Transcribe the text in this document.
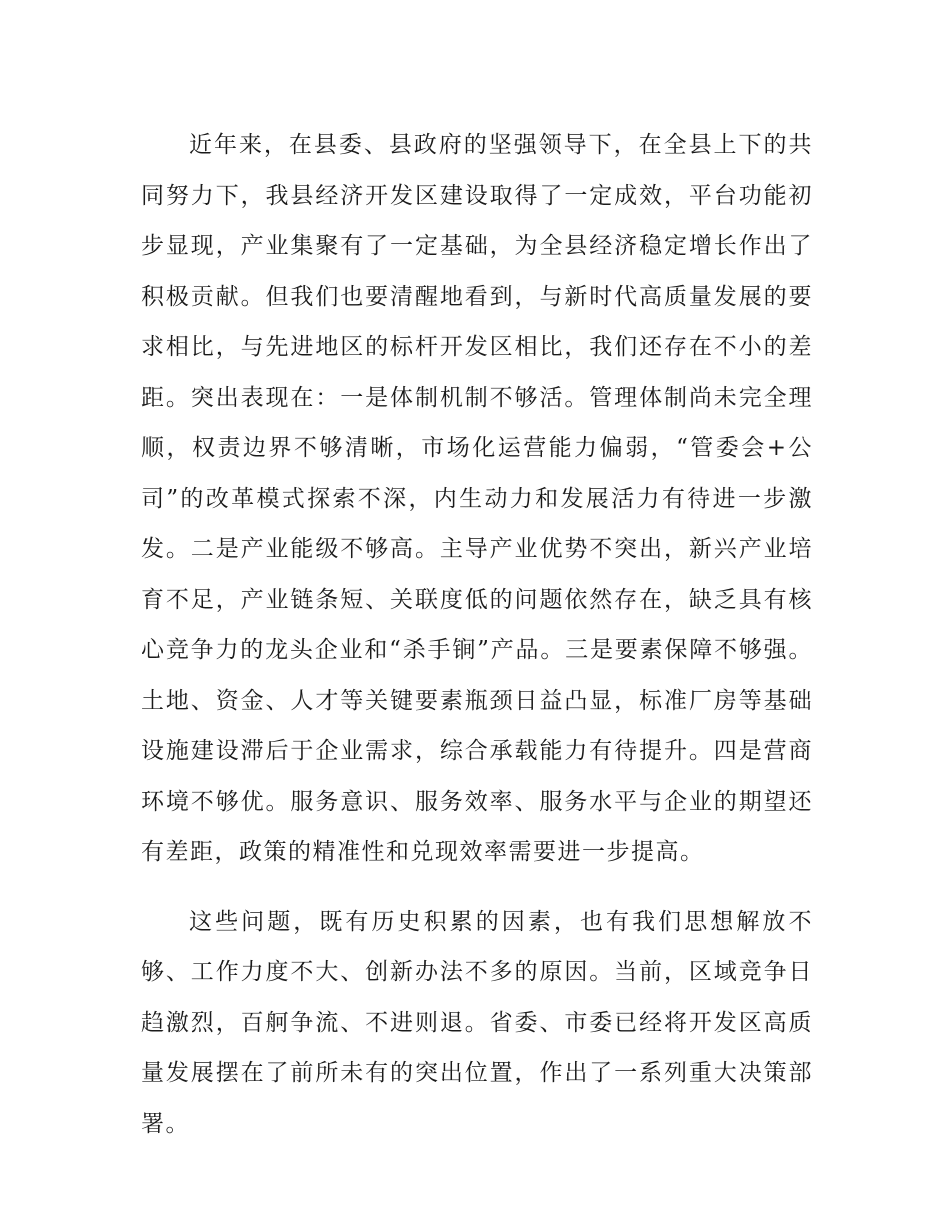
近年来，在县委、县政府的坚强领导下，在全县上下的共同努力下，我县经济开发区建设取得了一定成效，平台功能初步显现，产业集聚有了一定基础，为全县经济稳定增长作出了积极贡献。但我们也要清醒地看到，与新时代高质量发展的要求相比，与先进地区的标杆开发区相比，我们还存在不小的差距。突出表现在：一是体制机制不够活。管理体制尚未完全理顺，权责边界不够清晰，市场化运营能力偏弱，“管委会+公司”的改革模式探索不深，内生动力和发展活力有待进一步激发。二是产业能级不够高。主导产业优势不突出，新兴产业培育不足，产业链条短、关联度低的问题依然存在，缺乏具有核心竞争力的龙头企业和“杀手锏”产品。三是要素保障不够强。土地、资金、人才等关键要素瓶颈日益凸显，标准厂房等基础设施建设滞后于企业需求，综合承载能力有待提升。四是营商环境不够优。服务意识、服务效率、服务水平与企业的期望还有差距，政策的精准性和兑现效率需要进一步提高。

这些问题，既有历史积累的因素，也有我们思想解放不够、工作力度不大、创新办法不多的原因。当前，区域竞争日趋激烈，百舸争流、不进则退。省委、市委已经将开发区高质量发展摆在了前所未有的突出位置，作出了一系列重大决策部署。
